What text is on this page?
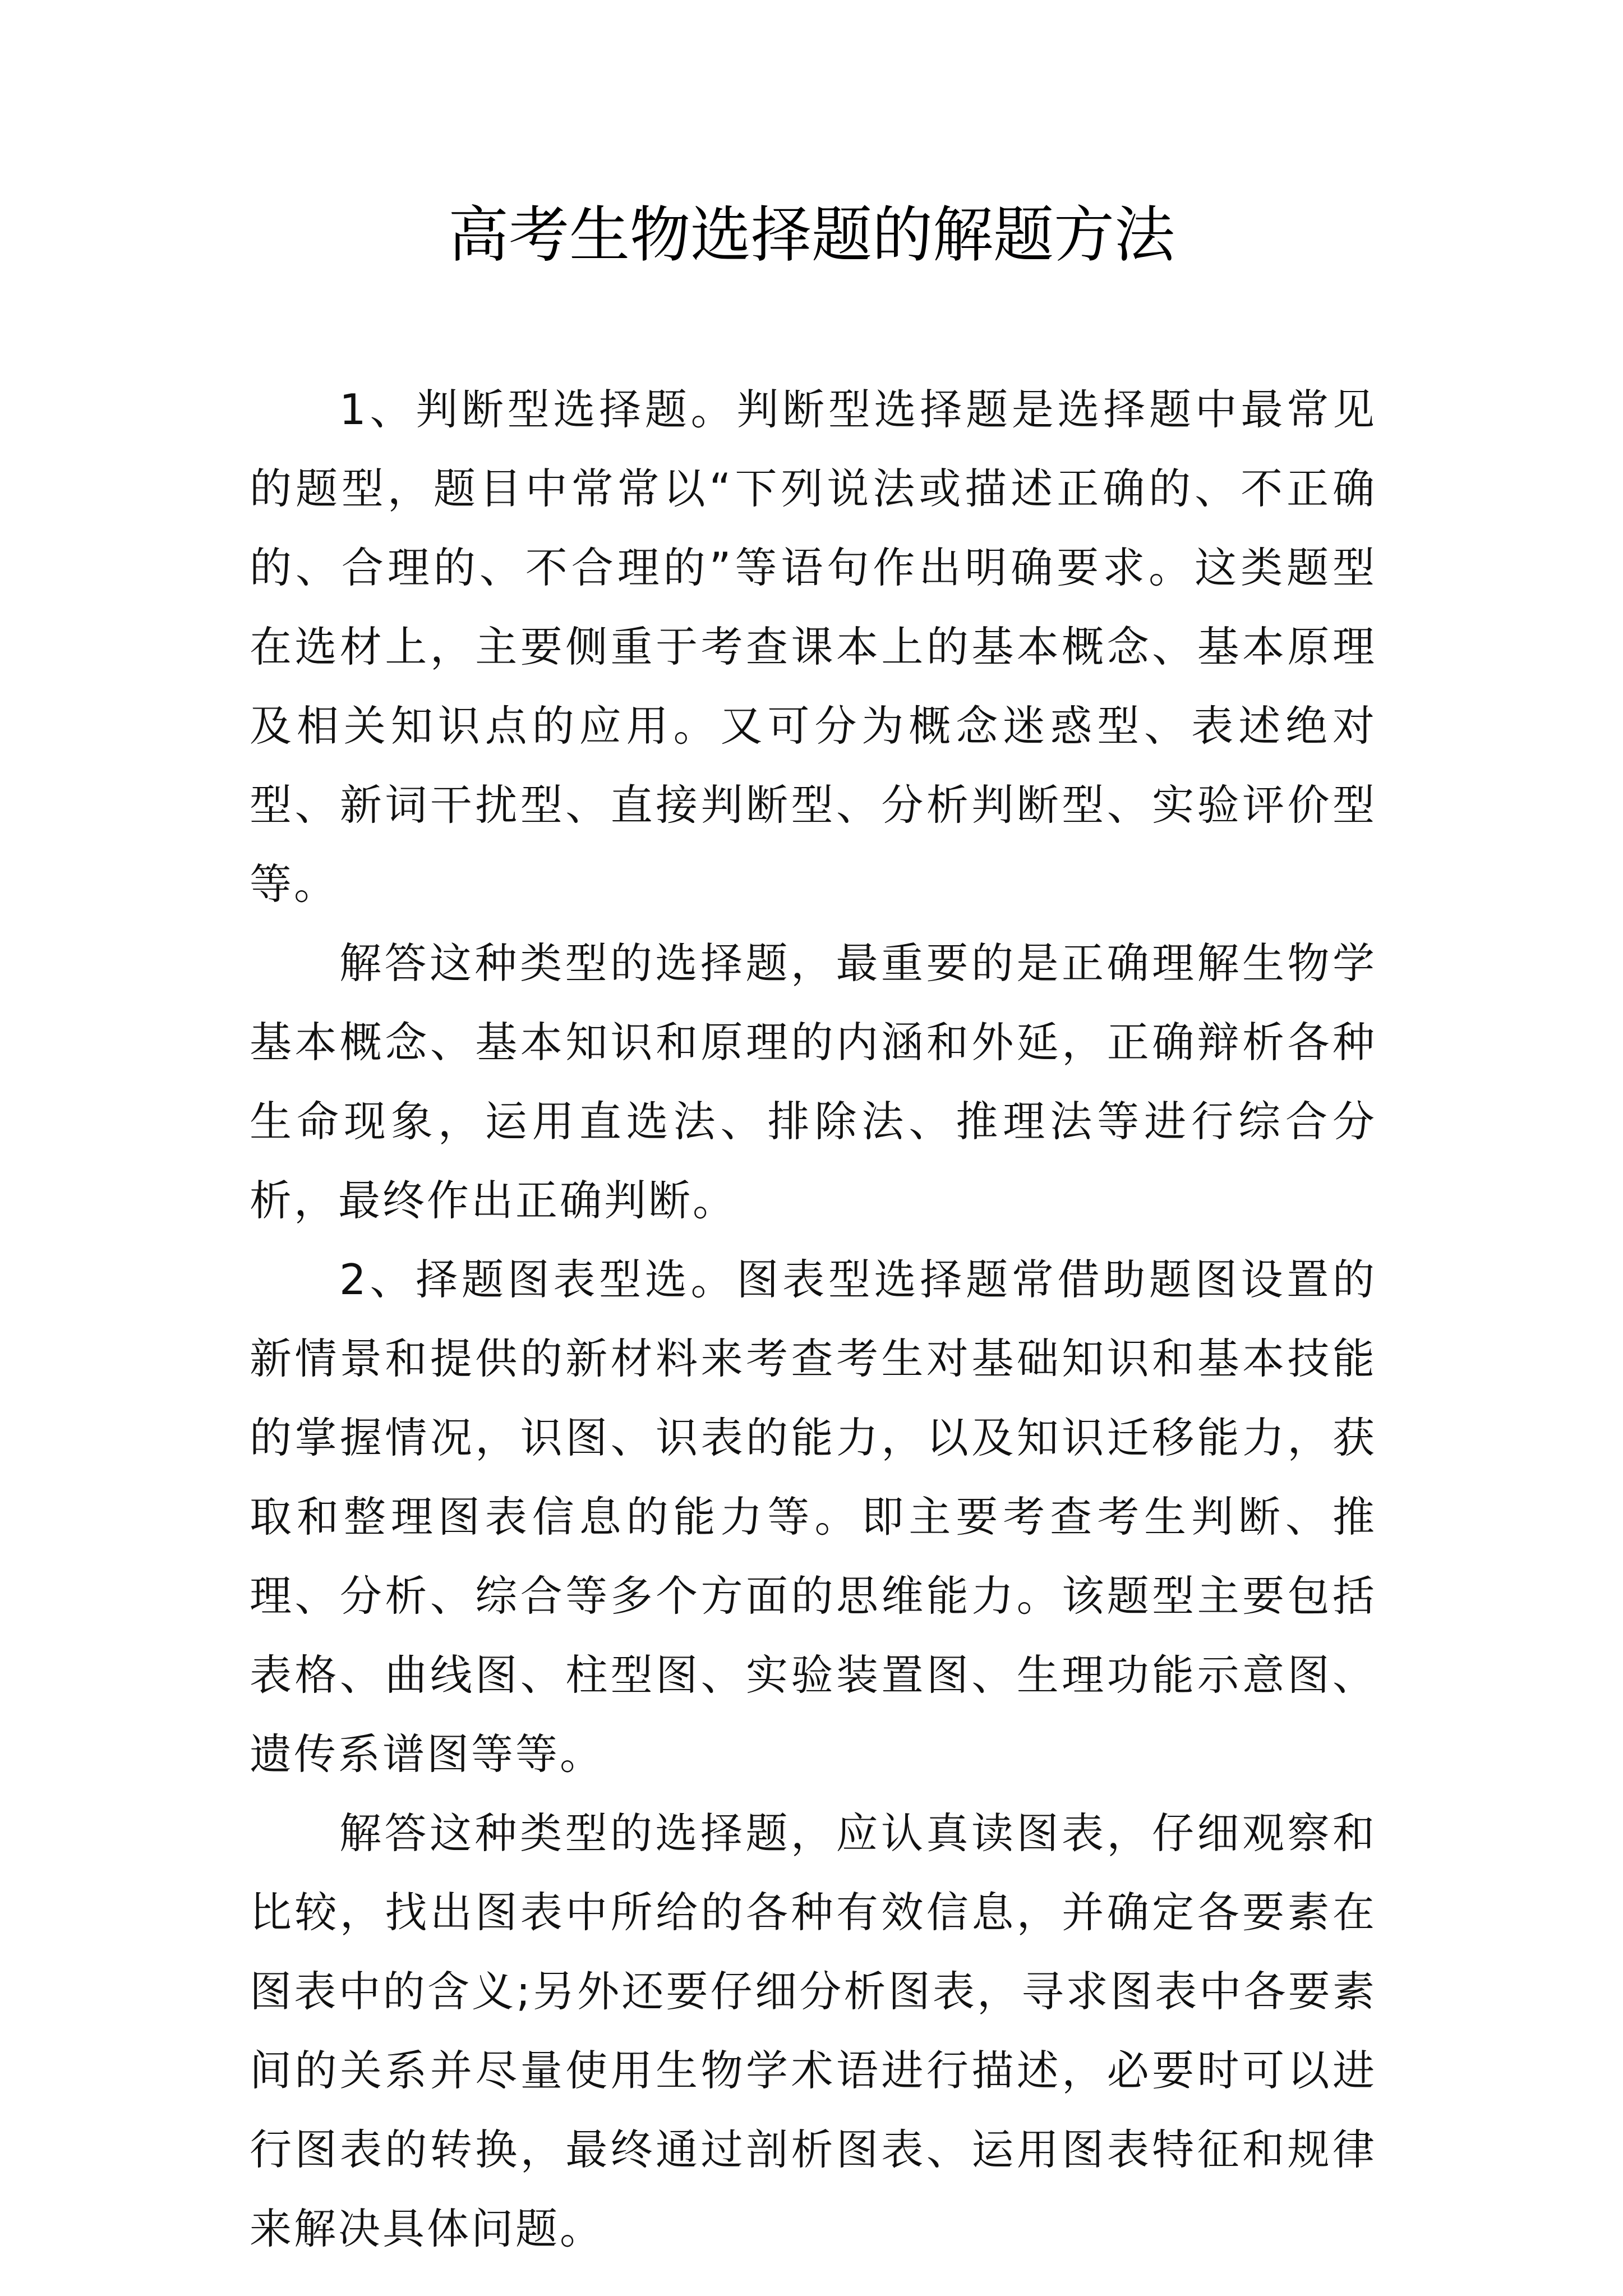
高考生物选择题的解题方法

1、判断型选择题。判断型选择题是选择题中最常见的题型，题目中常常以“下列说法或描述正确的、不正确的、合理的、不合理的”等语句作出明确要求。这类题型在选材上，主要侧重于考查课本上的基本概念、基本原理及相关知识点的应用。又可分为概念迷惑型、表述绝对型、新词干扰型、直接判断型、分析判断型、实验评价型等。

解答这种类型的选择题，最重要的是正确理解生物学基本概念、基本知识和原理的内涵和外延，正确辩析各种生命现象，运用直选法、排除法、推理法等进行综合分析，最终作出正确判断。

2、择题图表型选。图表型选择题常借助题图设置的新情景和提供的新材料来考查考生对基础知识和基本技能的掌握情况，识图、识表的能力，以及知识迁移能力，获取和整理图表信息的能力等。即主要考查考生判断、推理、分析、综合等多个方面的思维能力。该题型主要包括表格、曲线图、柱型图、实验装置图、生理功能示意图、遗传系谱图等等。

解答这种类型的选择题，应认真读图表，仔细观察和比较，找出图表中所给的各种有效信息，并确定各要素在图表中的含义;另外还要仔细分析图表，寻求图表中各要素间的关系并尽量使用生物学术语进行描述，必要时可以进行图表的转换，最终通过剖析图表、运用图表特征和规律来解决具体问题。
